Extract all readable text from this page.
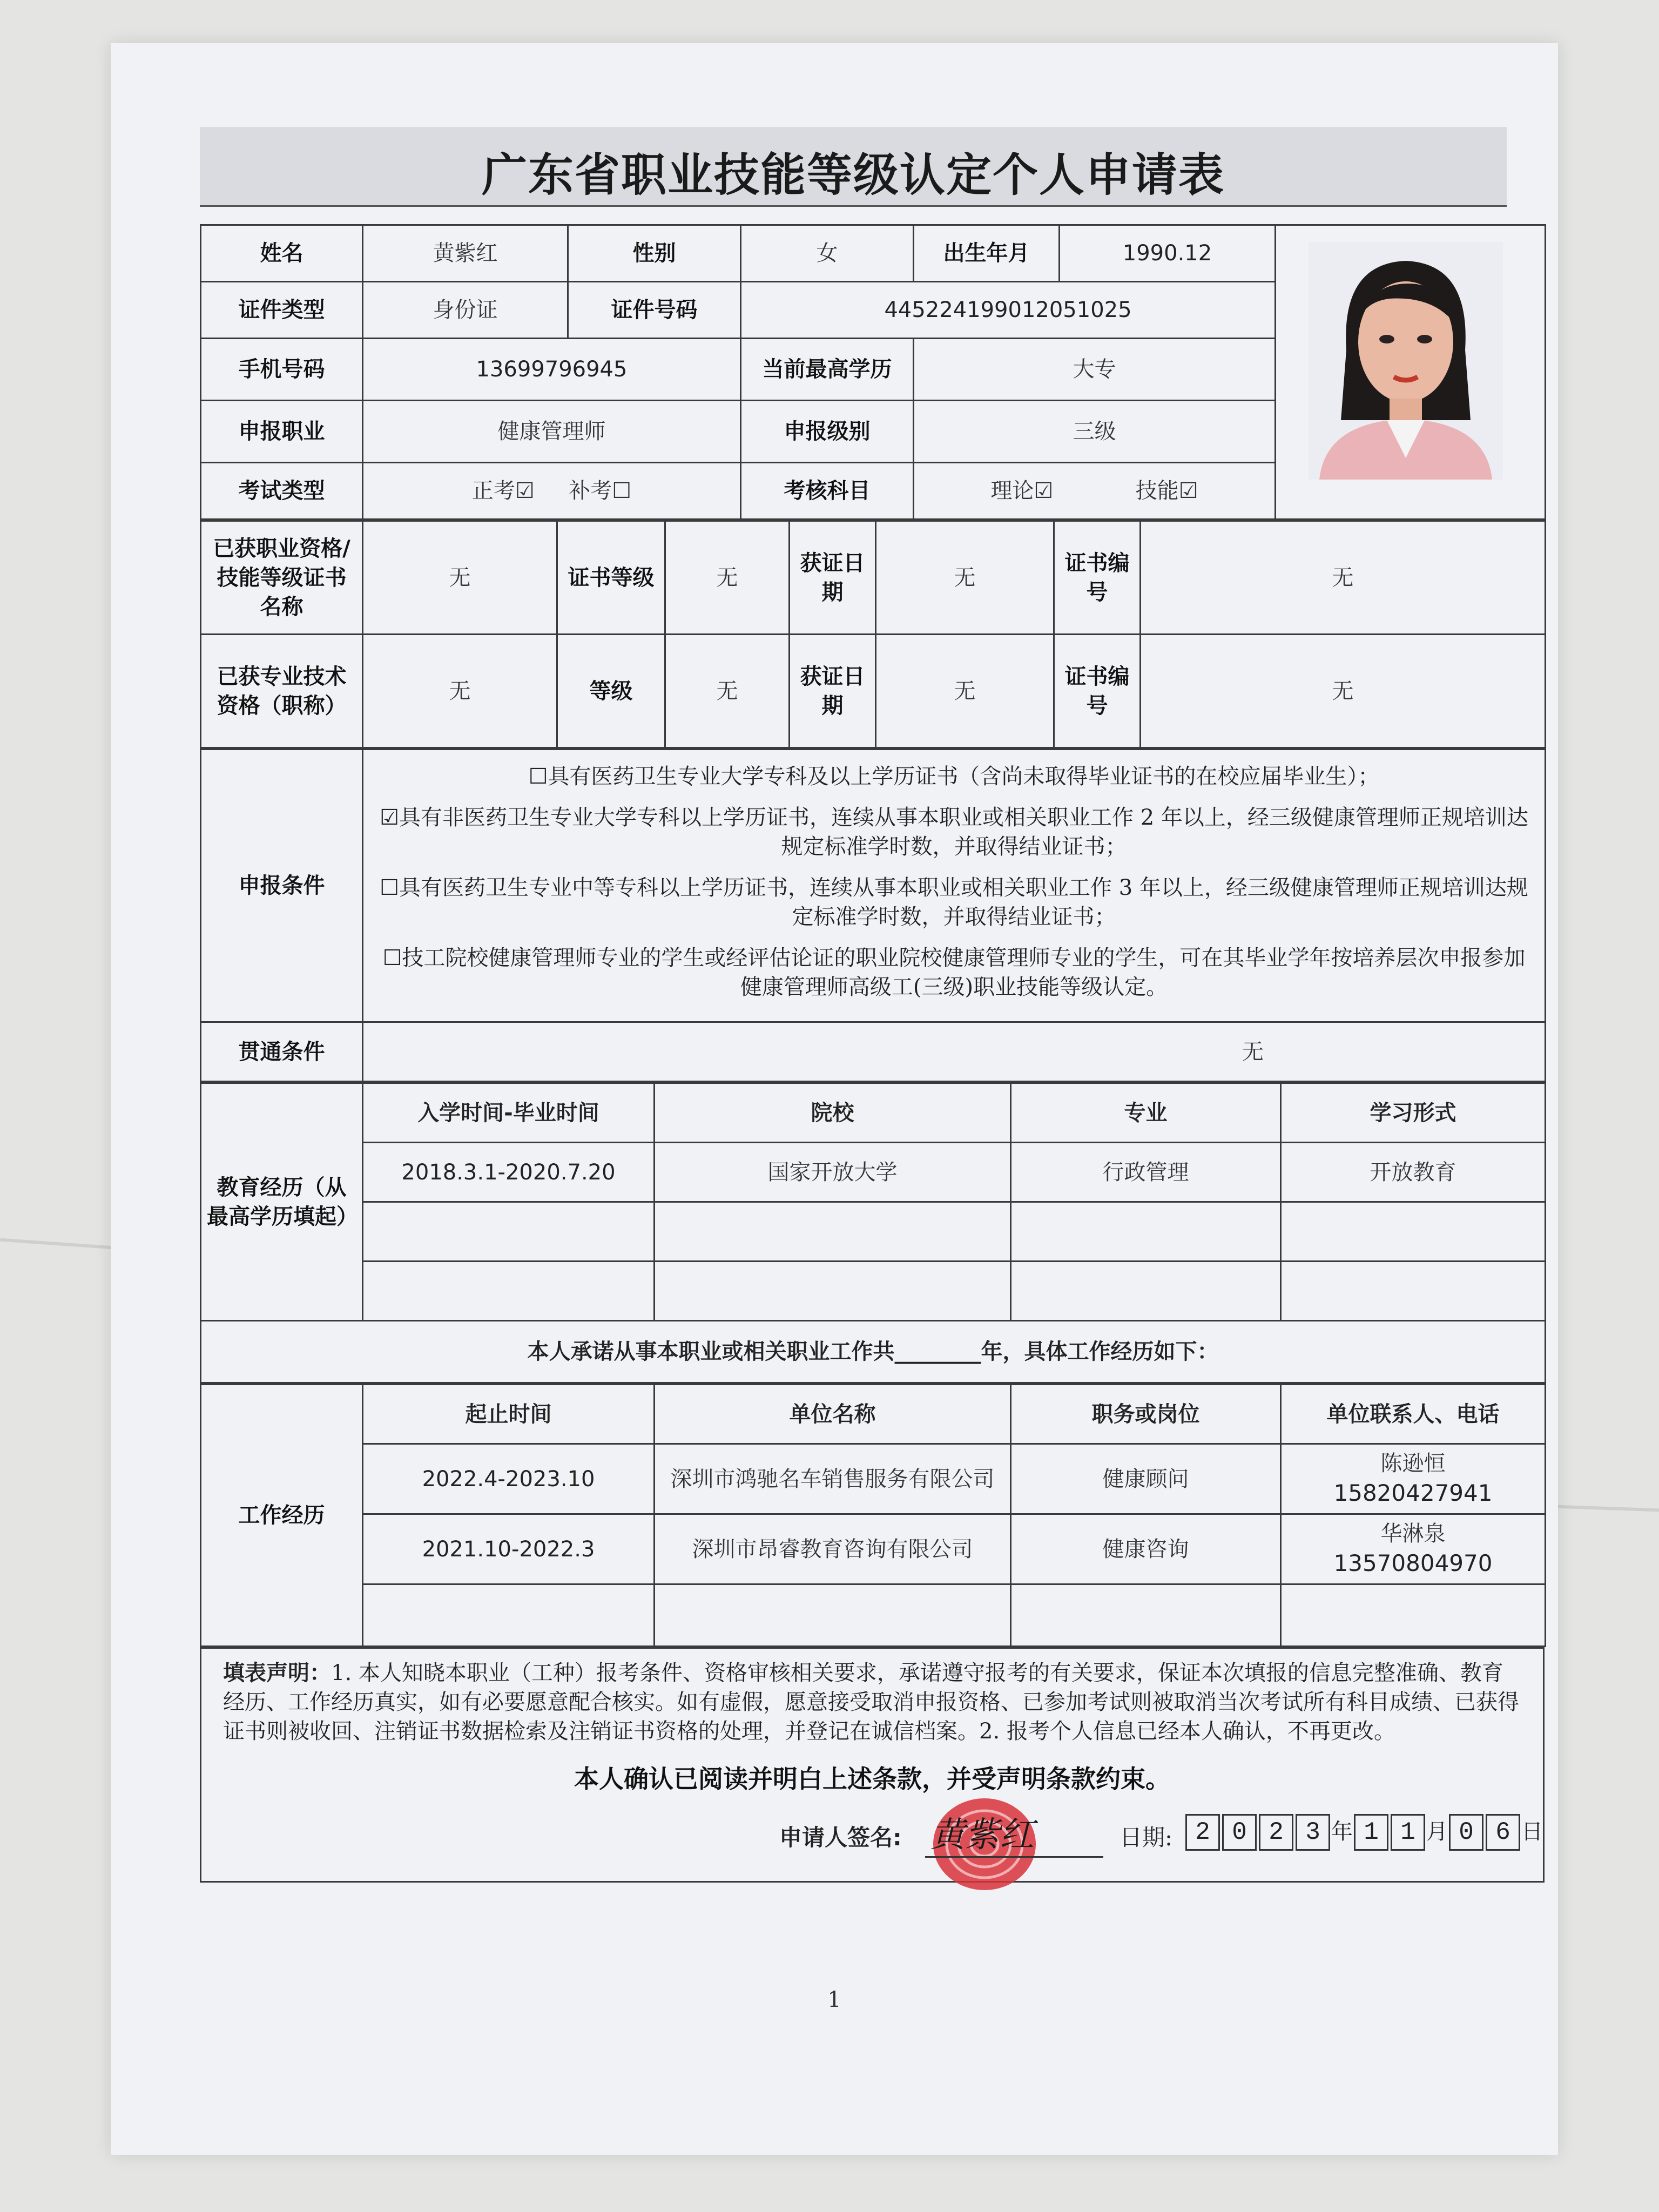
广东省职业技能等级认定个人申请表
姓名	黄紫红	性别	女	出生年月	1990.12	

证件类型	身份证	证件号码	445224199012051025			
手机号码	13699796945		当前最高学历	大专		
申报职业	健康管理师		申报级别	三级		
考试类型	正考☑ 补考☐		考核科目	理论☑ 技能☑		
已获职业资格/技能等级证书名称	无	证书等级	无	获证日期	无	证书编号	无
已获专业技术资格（职称）	无	等级	无	获证日期	无	证书编号	无
申报条件	☐具有医药卫生专业大学专科及以上学历证书（含尚未取得毕业证书的在校应届毕业生）；

☑具有非医药卫生专业大学专科以上学历证书，连续从事本职业或相关职业工作 2 年以上，经三级健康管理师正规培训达规定标准学时数，并取得结业证书；

☐具有医药卫生专业中等专科以上学历证书，连续从事本职业或相关职业工作 3 年以上，经三级健康管理师正规培训达规定标准学时数，并取得结业证书；

☐技工院校健康管理师专业的学生或经评估论证的职业院校健康管理师专业的学生，可在其毕业学年按培养层次申报参加健康管理师高级工(三级)职业技能等级认定。

贯通条件	无
教育经历（从最高学历填起）	入学时间-毕业时间	院校	专业	学习形式
	2018.3.1-2020.7.20	国家开放大学	行政管理	开放教育

本人承诺从事本职业或相关职业工作共________年，具体工作经历如下：				
工作经历	起止时间	单位名称	职务或岗位	单位联系人、电话
	2022.4-2023.10	深圳市鸿驰名车销售服务有限公司	健康顾问	陈逊恒
15820427941

	2021.10-2022.3	深圳市昂睿教育咨询有限公司	健康咨询	华淋泉
13570804970

填表声明：1. 本人知晓本职业（工种）报考条件、资格审核相关要求，承诺遵守报考的有关要求，保证本次填报的信息完整准确、教育经历、工作经历真实，如有必要愿意配合核实。如有虚假，愿意接受取消申报资格、已参加考试则被取消当次考试所有科目成绩、已获得证书则被收回、注销证书数据检索及注销证书资格的处理，并登记在诚信档案。2. 报考个人信息已经本人确认，不再更改。
本人确认已阅读并明白上述条款，并受声明条款约束。
申请人签名: 黄紫红	日期: 2 0 2 3 年 1 1 月 0 6 日
1
